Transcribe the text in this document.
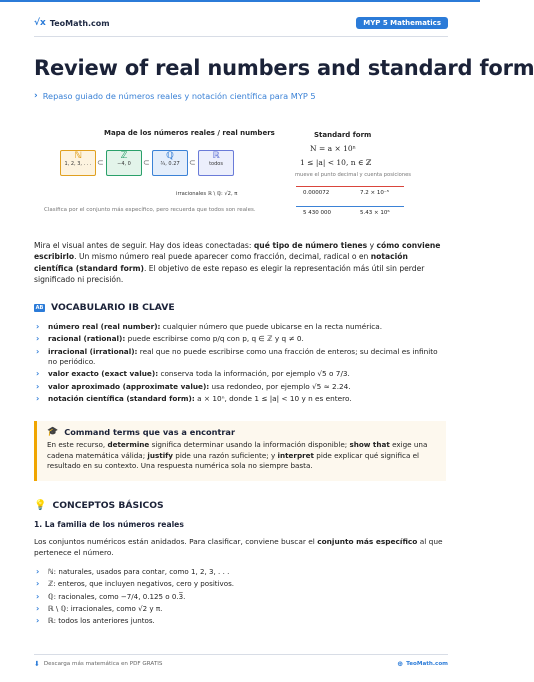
√x TeoMath.com	MYP 5 Mathematics
Review of real numbers and standard form
› Repaso guiado de números reales y notación científica para MYP 5
Mapa de los números reales / real numbers
ℕ
1, 2, 3, . . . ⊂
ℤ
−4, 0	⊂
ℚ
¾, 0.27̅	⊂
ℝ
todos
irracionales ℝ \ ℚ: √2, π
Clasifica por el conjunto más específico, pero recuerda que todos son reales.
Standard form
N = a × 10ⁿ
1 ≤ |a| < 10, n ∈ ℤ
mueve el punto decimal y cuenta posiciones
0.000072	7.2 × 10⁻⁵
5 430 000	5.43 × 10⁶
Mira el visual antes de seguir. Hay dos ideas conectadas: qué tipo de número tienes y cómo conviene escribirlo. Un mismo número real puede aparecer como fracción, decimal, radical o en notación científica (standard form). El objetivo de este repaso es elegir la representación más útil sin perder significado ni precisión.
AB VOCABULARIO IB CLAVE
› número real (real number): cualquier número que puede ubicarse en la recta numérica.
› racional (rational): puede escribirse como p/q con p, q ∈ ℤ y q ≠ 0.
› irracional (irrational): real que no puede escribirse como una fracción de enteros; su decimal es infinito no periódico.
› valor exacto (exact value): conserva toda la información, por ejemplo √5 o 7/3.
› valor aproximado (approximate value): usa redondeo, por ejemplo √5 ≈ 2.24.
› notación científica (standard form): a × 10ⁿ, donde 1 ≤ |a| < 10 y n es entero.
🎓 Command terms que vas a encontrar
En este recurso, determine significa determinar usando la información disponible; show that exige una cadena matemática válida; justify pide una razón suficiente; y interpret pide explicar qué significa el resultado en su contexto. Una respuesta numérica sola no siempre basta.
💡 CONCEPTOS BÁSICOS
1. La familia de los números reales
Los conjuntos numéricos están anidados. Para clasificar, conviene buscar el conjunto más específico al que pertenece el número.
› ℕ: naturales, usados para contar, como 1, 2, 3, . . .
› ℤ: enteros, que incluyen negativos, cero y positivos.
› ℚ: racionales, como −7/4, 0.125 o 0.3̅.
› ℝ \ ℚ: irracionales, como √2 y π.
› ℝ: todos los anteriores juntos.
⬇ Descarga más matemática en PDF GRATIS	⊕ TeoMath.com
